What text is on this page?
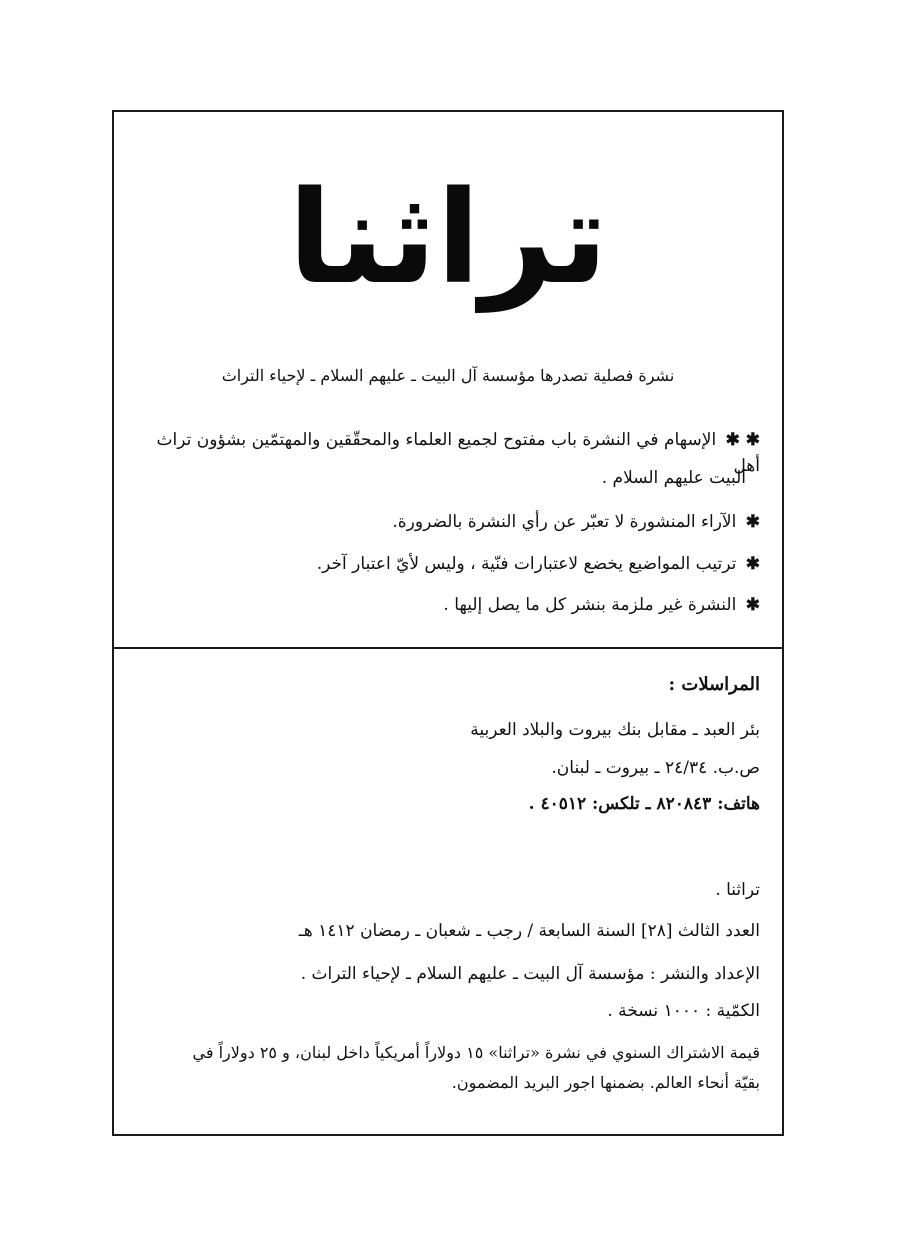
تراثنا
نشرة فصلية تصدرها مؤسسة آل البيت ـ عليهم السلام ـ لإحياء التراث
✱ ✱ الإسهام في النشرة باب مفتوح لجميع العلماء والمحقّقين والمهتمّين بشؤون تراث أهل
البيت عليهم السلام .
✱ الآراء المنشورة لا تعبّر عن رأي النشرة بالضرورة.
✱ ترتيب المواضيع يخضع لاعتبارات فنّية ، وليس لأيّ اعتبار آخر.
✱ النشرة غير ملزمة بنشر كل ما يصل إليها .
المراسلات :
بئر العبد ـ مقابل بنك بيروت والبلاد العربية
ص.ب. ٢٤/٣٤ ـ بيروت ـ لبنان.
هاتف: ٨٢٠٨٤٣ ـ تلكس: ٤٠٥١٢ .
تراثنا .
العدد الثالث [٢٨] السنة السابعة / رجب ـ شعبان ـ رمضان ١٤١٢ هـ
الإعداد والنشر : مؤسسة آل البيت ـ عليهم السلام ـ لإحياء التراث .
الكمّية : ١٠٠٠ نسخة .
قيمة الاشتراك السنوي في نشرة «تراثنا» ١٥ دولاراً أمريكياً داخل لبنان، و ٢٥ دولاراً في
بقيّة أنحاء العالم. بضمنها اجور البريد المضمون.
